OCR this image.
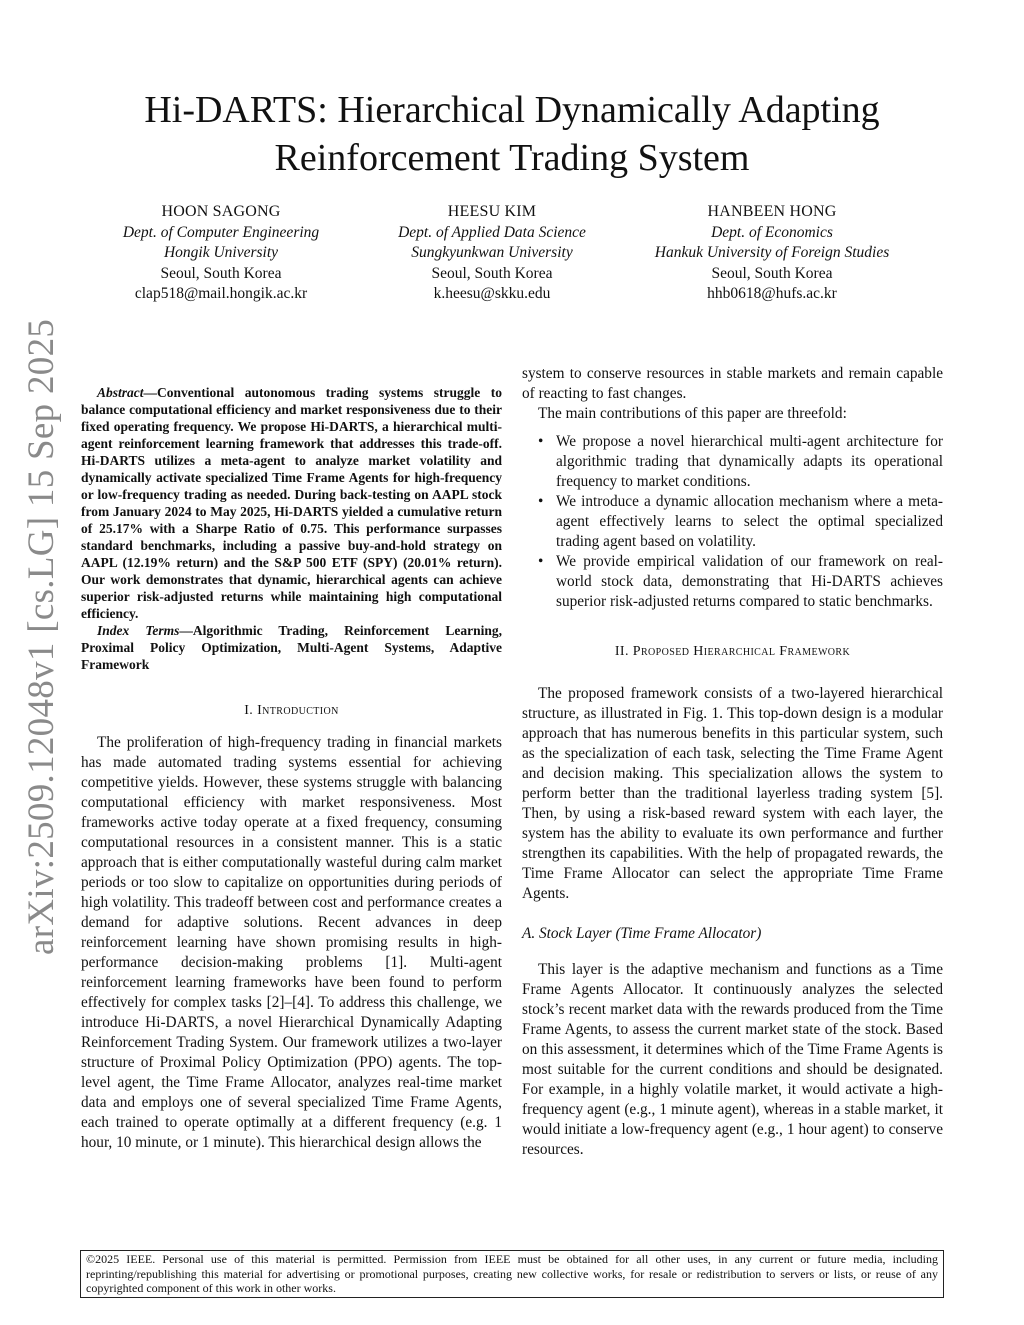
arXiv:2509.12048v1 [cs.LG] 15 Sep 2025
Hi-DARTS: Hierarchical Dynamically Adapting
Reinforcement Trading System
HOON SAGONG
Dept. of Computer Engineering
Hongik University
Seoul, South Korea
clap518@mail.hongik.ac.kr
HEESU KIM
Dept. of Applied Data Science
Sungkyunkwan University
Seoul, South Korea
k.heesu@skku.edu
HANBEEN HONG
Dept. of Economics
Hankuk University of Foreign Studies
Seoul, South Korea
hhb0618@hufs.ac.kr

Abstract—Conventional autonomous trading systems struggle to balance computational efficiency and market responsiveness due to their fixed operating frequency. We propose Hi-DARTS, a hierarchical multi-agent reinforcement learning framework that addresses this trade-off. Hi-DARTS utilizes a meta-agent to analyze market volatility and dynamically activate specialized Time Frame Agents for high-frequency or low-frequency trading as needed. During back-testing on AAPL stock from January 2024 to May 2025, Hi-DARTS yielded a cumulative return of 25.17% with a Sharpe Ratio of 0.75. This performance surpasses standard benchmarks, including a passive buy-and-hold strategy on AAPL (12.19% return) and the S&P 500 ETF (SPY) (20.01% return). Our work demonstrates that dynamic, hierarchical agents can achieve superior risk-adjusted returns while maintaining high computational efficiency.

Index Terms—Algorithmic Trading, Reinforcement Learning, Proximal Policy Optimization, Multi-Agent Systems, Adaptive Framework

I. Introduction

The proliferation of high-frequency trading in financial markets has made automated trading systems essential for achieving competitive yields. However, these systems struggle with balancing computational efficiency with market responsiveness. Most frameworks active today operate at a fixed frequency, consuming computational resources in a consistent manner. This is a static approach that is either computationally wasteful during calm market periods or too slow to capitalize on opportunities during periods of high volatility. This tradeoff between cost and performance creates a demand for adaptive solutions. Recent advances in deep reinforcement learning have shown promising results in high-performance decision-making problems [1]. Multi-agent reinforcement learning frameworks have been found to perform effectively for complex tasks [2]–[4]. To address this challenge, we introduce Hi-DARTS, a novel Hierarchical Dynamically Adapting Reinforcement Trading System. Our framework utilizes a two-layer structure of Proximal Policy Optimization (PPO) agents. The top-level agent, the Time Frame Allocator, analyzes real-time market data and employs one of several specialized Time Frame Agents, each trained to operate optimally at a different frequency (e.g. 1 hour, 10 minute, or 1 minute). This hierarchical design allows the

system to conserve resources in stable markets and remain capable of reacting to fast changes.

The main contributions of this paper are threefold:

• We propose a novel hierarchical multi-agent architecture for algorithmic trading that dynamically adapts its operational frequency to market conditions.
• We introduce a dynamic allocation mechanism where a meta-agent effectively learns to select the optimal specialized trading agent based on volatility.
• We provide empirical validation of our framework on real-world stock data, demonstrating that Hi-DARTS achieves superior risk-adjusted returns compared to static benchmarks.
II. Proposed Hierarchical Framework

The proposed framework consists of a two-layered hierarchical structure, as illustrated in Fig. 1. This top-down design is a modular approach that has numerous benefits in this particular system, such as the specialization of each task, selecting the Time Frame Agent and decision making. This specialization allows the system to perform better than the traditional layerless trading system [5]. Then, by using a risk-based reward system with each layer, the system has the ability to evaluate its own performance and further strengthen its capabilities. With the help of propagated rewards, the Time Frame Allocator can select the appropriate Time Frame Agents.

A. Stock Layer (Time Frame Allocator)

This layer is the adaptive mechanism and functions as a Time Frame Agents Allocator. It continuously analyzes the selected stock’s recent market data with the rewards produced from the Time Frame Agents, to assess the current market state of the stock. Based on this assessment, it determines which of the Time Frame Agents is most suitable for the current conditions and should be designated. For example, in a highly volatile market, it would activate a high-frequency agent (e.g., 1 minute agent), whereas in a stable market, it would initiate a low-frequency agent (e.g., 1 hour agent) to conserve resources.

©2025 IEEE. Personal use of this material is permitted. Permission from IEEE must be obtained for all other uses, in any current or future media, including reprinting/republishing this material for advertising or promotional purposes, creating new collective works, for resale or redistribution to servers or lists, or reuse of any copyrighted component of this work in other works.
